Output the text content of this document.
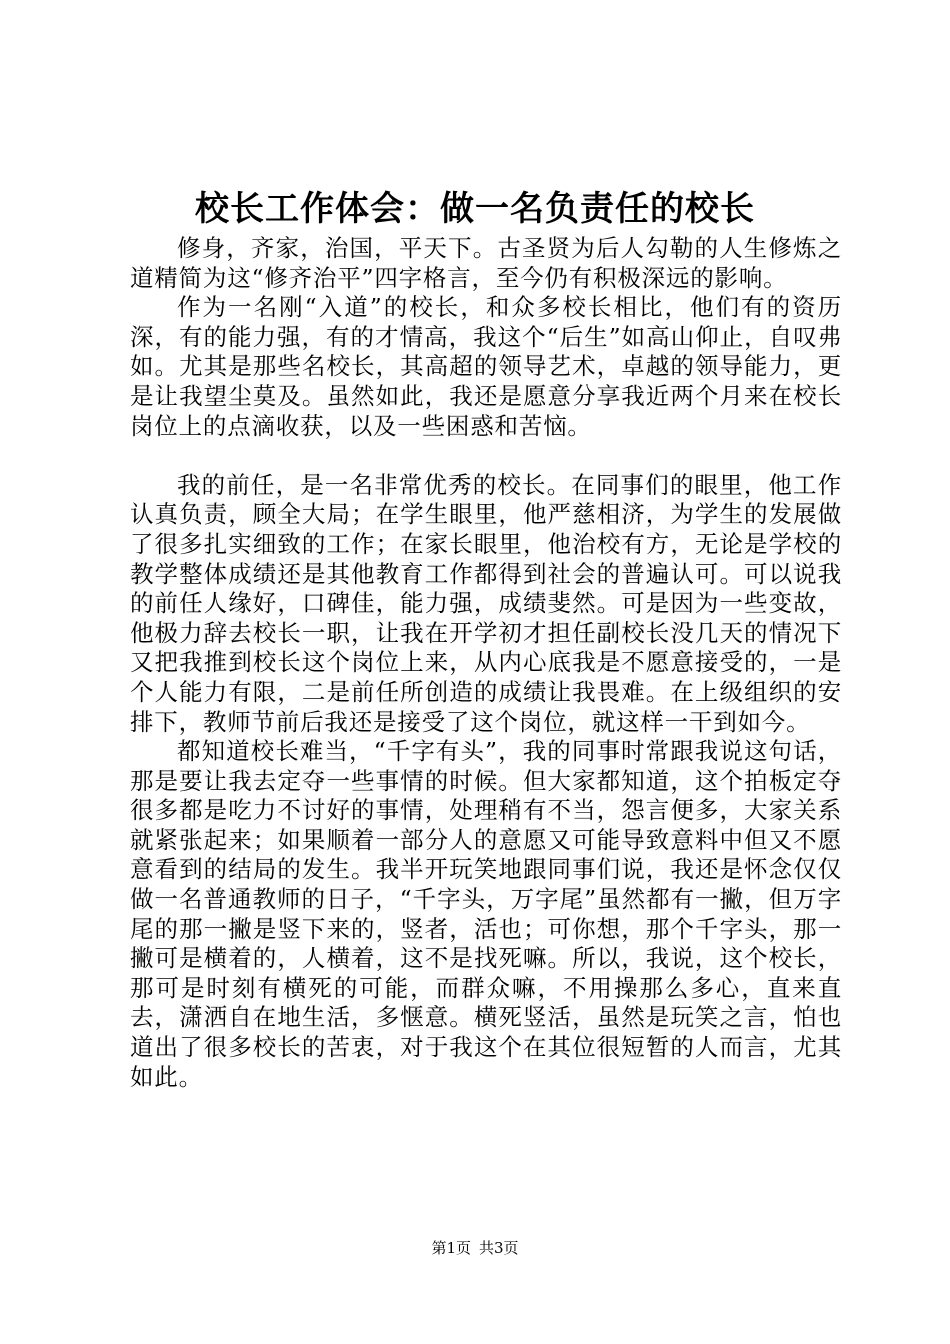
校长工作体会：做一名负责任的校长

修身，齐家，治国，平天下。古圣贤为后人勾勒的人生修炼之道精简为这“修齐治平”四字格言，至今仍有积极深远的影响。

作为一名刚“入道”的校长，和众多校长相比，他们有的资历深，有的能力强，有的才情高，我这个“后生”如高山仰止，自叹弗如。尤其是那些名校长，其高超的领导艺术，卓越的领导能力，更是让我望尘莫及。虽然如此，我还是愿意分享我近两个月来在校长岗位上的点滴收获，以及一些困惑和苦恼。

我的前任，是一名非常优秀的校长。在同事们的眼里，他工作认真负责，顾全大局；在学生眼里，他严慈相济，为学生的发展做了很多扎实细致的工作；在家长眼里，他治校有方，无论是学校的教学整体成绩还是其他教育工作都得到社会的普遍认可。可以说我的前任人缘好，口碑佳，能力强，成绩斐然。可是因为一些变故，他极力辞去校长一职，让我在开学初才担任副校长没几天的情况下又把我推到校长这个岗位上来，从内心底我是不愿意接受的，一是个人能力有限，二是前任所创造的成绩让我畏难。在上级组织的安排下，教师节前后我还是接受了这个岗位，就这样一干到如今。

都知道校长难当，“千字有头”，我的同事时常跟我说这句话，那是要让我去定夺一些事情的时候。但大家都知道，这个拍板定夺很多都是吃力不讨好的事情，处理稍有不当，怨言便多，大家关系就紧张起来；如果顺着一部分人的意愿又可能导致意料中但又不愿意看到的结局的发生。我半开玩笑地跟同事们说，我还是怀念仅仅做一名普通教师的日子，“千字头，万字尾”虽然都有一撇，但万字尾的那一撇是竖下来的，竖者，活也；可你想，那个千字头，那一撇可是横着的，人横着，这不是找死嘛。所以，我说，这个校长，那可是时刻有横死的可能，而群众嘛，不用操那么多心，直来直去，潇洒自在地生活，多惬意。横死竖活，虽然是玩笑之言，怕也道出了很多校长的苦衷，对于我这个在其位很短暂的人而言，尤其如此。

第1页 共3页
